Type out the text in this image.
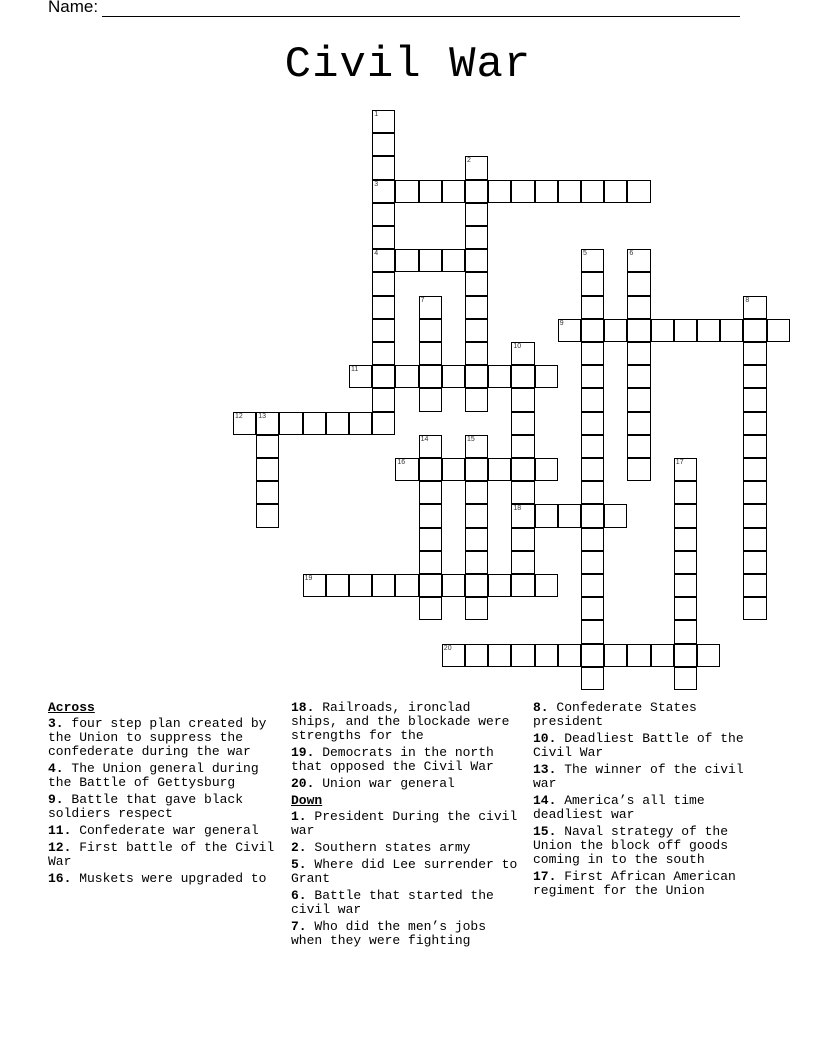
Name:
Civil War
1
3
4
2
5	6
7	8
9
10
18
11
12 13
14	15
16	17
19
20
Across
3. four step plan created by the Union to suppress the confederate during the war
4. The Union general during the Battle of Gettysburg
9. Battle that gave black soldiers respect
11. Confederate war general
12. First battle of the Civil War
16. Muskets were upgraded to
18. Railroads, ironclad ships, and the blockade were strengths for the
19. Democrats in the north that opposed the Civil War
20. Union war general
Down
1. President During the civil war
2. Southern states army
5. Where did Lee surrender to Grant
6. Battle that started the civil war
7. Who did the men’s jobs when they were fighting
8. Confederate States president
10. Deadliest Battle of the Civil War
13. The winner of the civil war
14. America’s all time deadliest war
15. Naval strategy of the Union the block off goods coming in to the south
17. First African American regiment for the Union
